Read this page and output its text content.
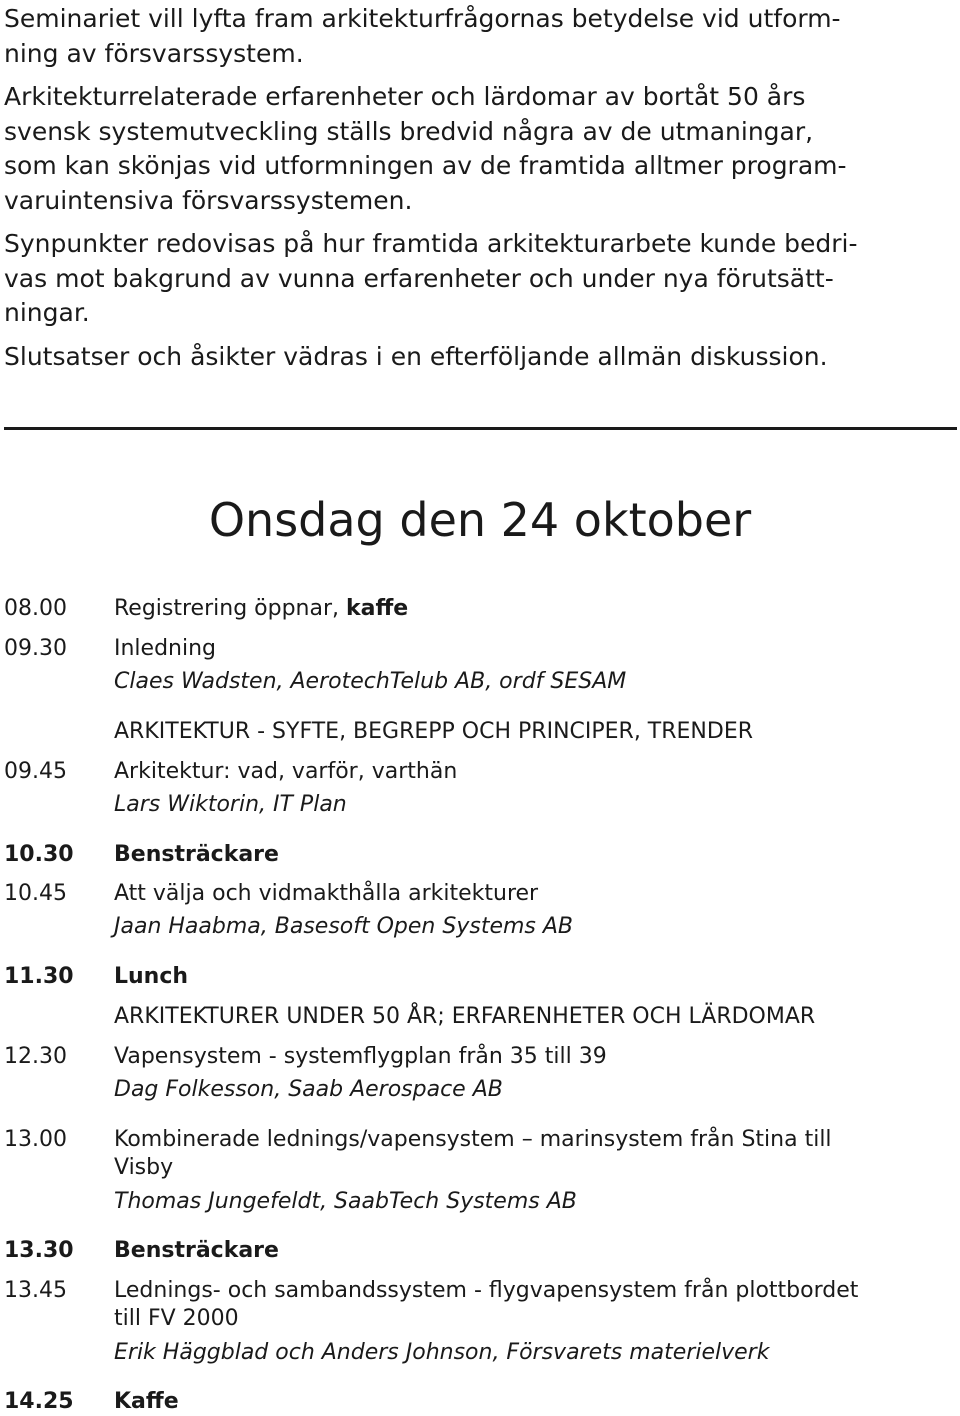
Seminariet vill lyfta fram arkitekturfrågornas betydelse vid utform-
ning av försvarssystem.

Arkitekturrelaterade erfarenheter och lärdomar av bortåt 50 års
svensk systemutveckling ställs bredvid några av de utmaningar,
som kan skönjas vid utformningen av de framtida alltmer program-
varuintensiva försvarssystemen.

Synpunkter redovisas på hur framtida arkitekturarbete kunde bedri-
vas mot bakgrund av vunna erfarenheter och under nya förutsätt-
ningar.

Slutsatser och åsikter vädras i en efterföljande allmän diskussion.

Onsdag den 24 oktober
08.00 Registrering öppnar, kaffe
09.30 Inledning
Claes Wadsten, AerotechTelub AB, ordf SESAM
ARKITEKTUR - SYFTE, BEGREPP OCH PRINCIPER, TRENDER
09.45 Arkitektur: vad, varför, varthän
Lars Wiktorin, IT Plan
10.30 Bensträckare
10.45 Att välja och vidmakthålla arkitekturer
Jaan Haabma, Basesoft Open Systems AB
11.30 Lunch
ARKITEKTURER UNDER 50 ÅR; ERFARENHETER OCH LÄRDOMAR
12.30 Vapensystem - systemflygplan från 35 till 39
Dag Folkesson, Saab Aerospace AB
13.00 Kombinerade lednings/vapensystem – marinsystem från Stina till
Visby
Thomas Jungefeldt, SaabTech Systems AB
13.30 Bensträckare
13.45 Lednings- och sambandssystem - flygvapensystem från plottbordet
till FV 2000
Erik Häggblad och Anders Johnson, Försvarets materielverk
14.25 Kaffe
